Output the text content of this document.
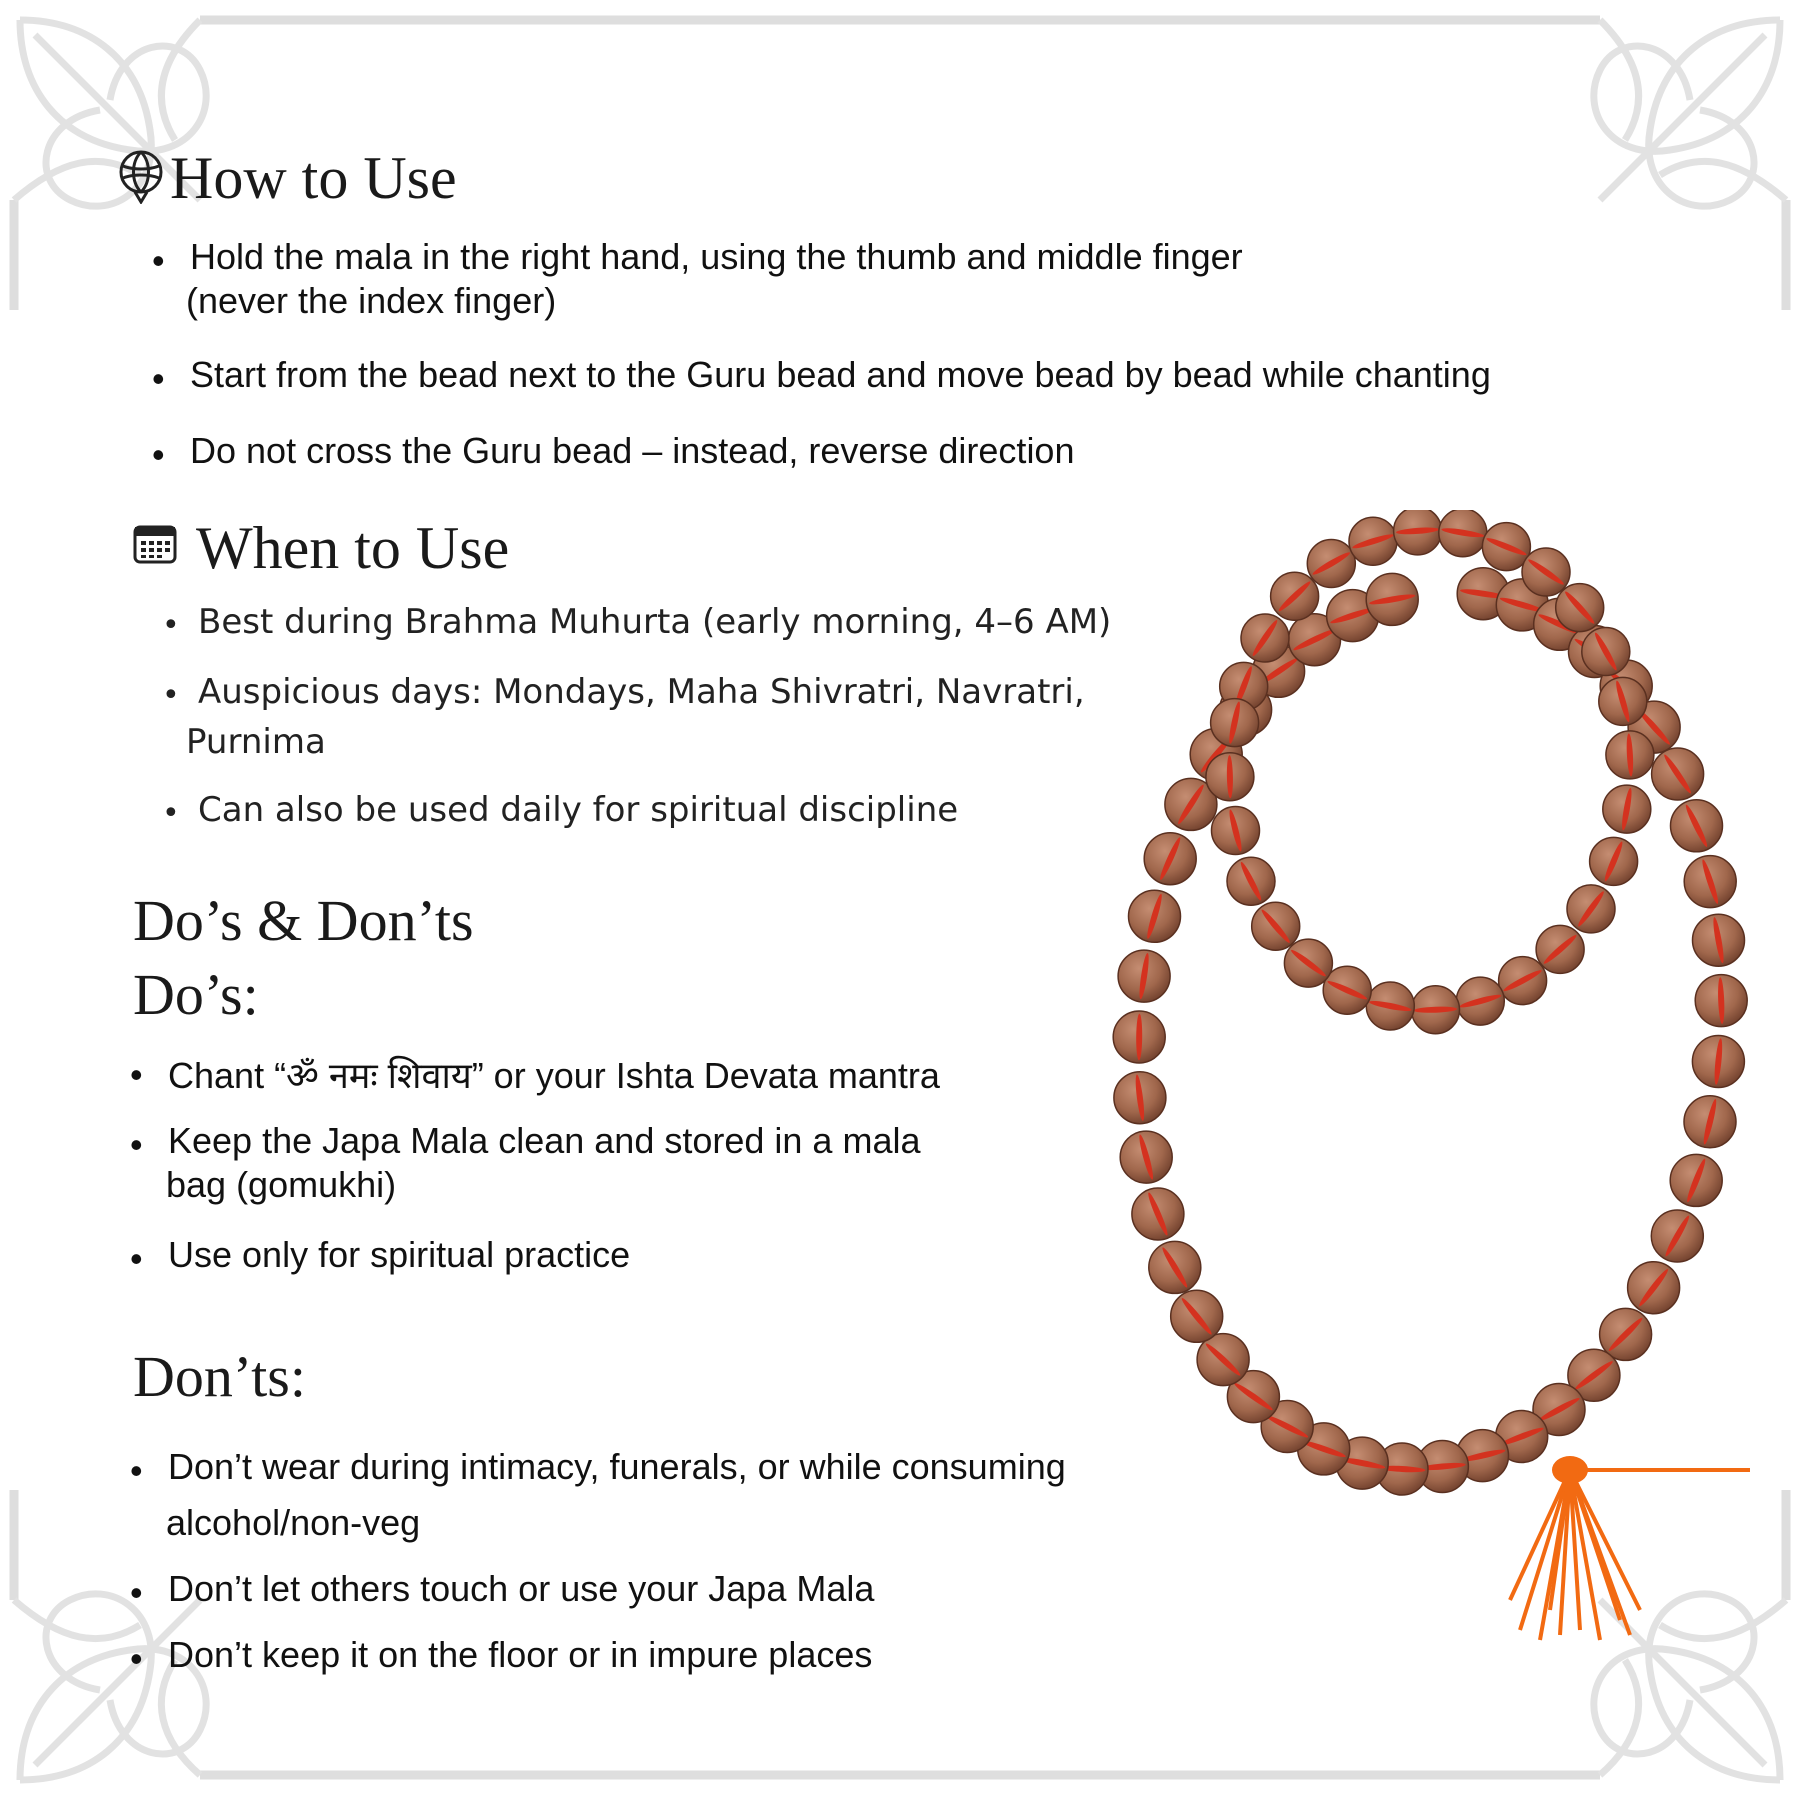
How to Use
• Hold the mala in the right hand, using the thumb and middle finger
(never the index finger)
• Start from the bead next to the Guru bead and move bead by bead while chanting
• Do not cross the Guru bead – instead, reverse direction
When to Use
• Best during Brahma Muhurta (early morning, 4–6 AM)
• Auspicious days: Mondays, Maha Shivratri, Navratri,
Purnima
• Can also be used daily for spiritual discipline
Do’s & Don’ts
Do’s:
• Chant “ॐ नमः शिवाय” or your Ishta Devata mantra
• Keep the Japa Mala clean and stored in a mala
bag (gomukhi)
• Use only for spiritual practice
Don’ts:
• Don’t wear during intimacy, funerals, or while consuming
alcohol/non-veg
• Don’t let others touch or use your Japa Mala
• Don’t keep it on the floor or in impure places
